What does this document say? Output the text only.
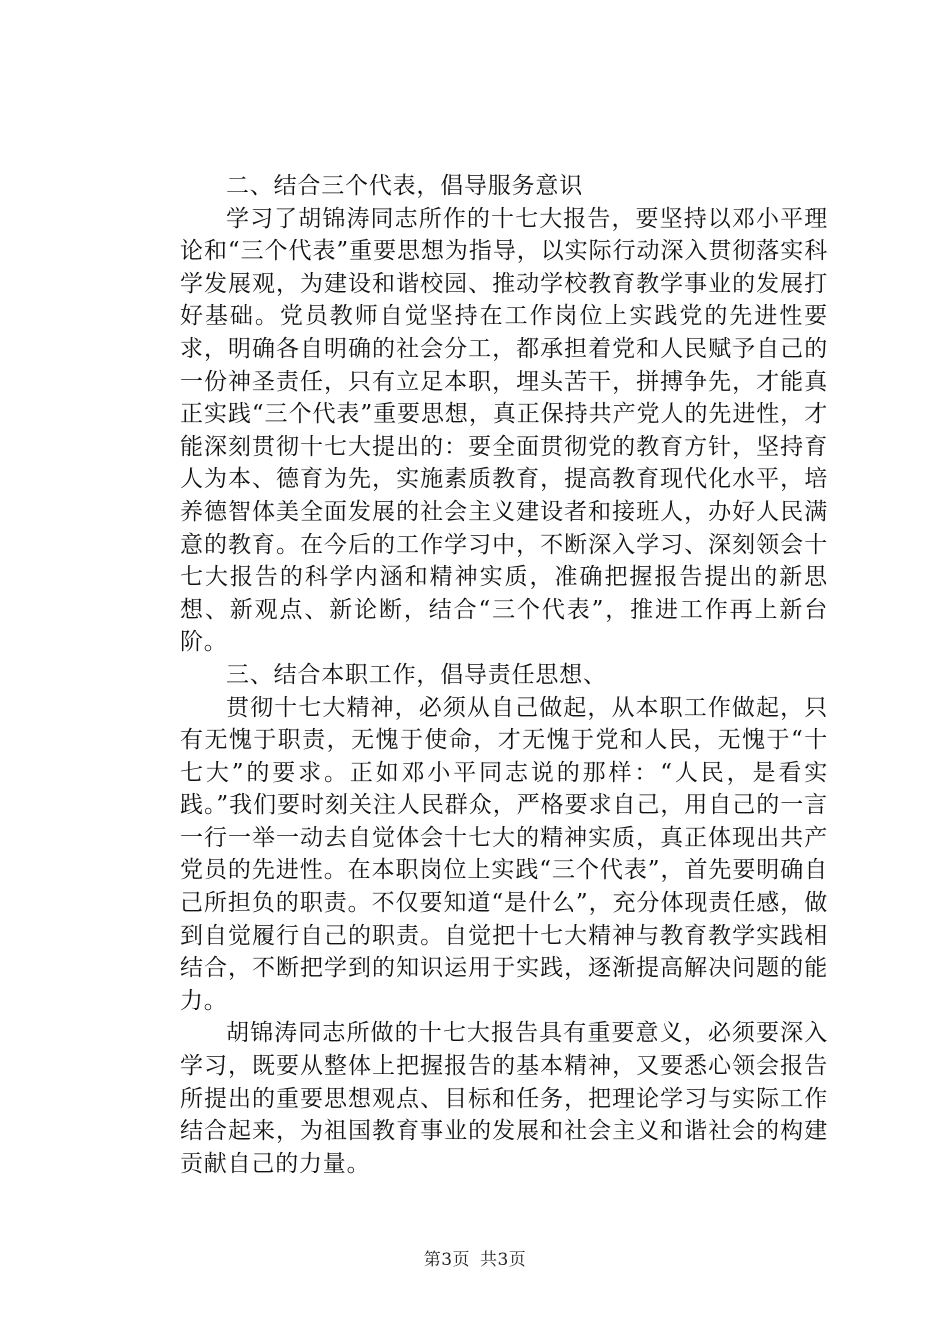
二、结合三个代表，倡导服务意识

学习了胡锦涛同志所作的十七大报告，要坚持以邓小平理论和“三个代表”重要思想为指导，以实际行动深入贯彻落实科学发展观，为建设和谐校园、推动学校教育教学事业的发展打好基础。党员教师自觉坚持在工作岗位上实践党的先进性要求，明确各自明确的社会分工，都承担着党和人民赋予自己的一份神圣责任，只有立足本职，埋头苦干，拼搏争先，才能真正实践“三个代表”重要思想，真正保持共产党人的先进性，才能深刻贯彻十七大提出的：要全面贯彻党的教育方针，坚持育人为本、德育为先，实施素质教育，提高教育现代化水平，培养德智体美全面发展的社会主义建设者和接班人，办好人民满意的教育。在今后的工作学习中，不断深入学习、深刻领会十七大报告的科学内涵和精神实质，准确把握报告提出的新思想、新观点、新论断，结合“三个代表”，推进工作再上新台阶。

三、结合本职工作，倡导责任思想、

贯彻十七大精神，必须从自己做起，从本职工作做起，只有无愧于职责，无愧于使命，才无愧于党和人民，无愧于“十七大”的要求。正如邓小平同志说的那样：“人民，是看实践。”我们要时刻关注人民群众，严格要求自己，用自己的一言一行一举一动去自觉体会十七大的精神实质，真正体现出共产党员的先进性。在本职岗位上实践“三个代表”，首先要明确自己所担负的职责。不仅要知道“是什么”，充分体现责任感，做到自觉履行自己的职责。自觉把十七大精神与教育教学实践相结合，不断把学到的知识运用于实践，逐渐提高解决问题的能力。

胡锦涛同志所做的十七大报告具有重要意义，必须要深入学习，既要从整体上把握报告的基本精神，又要悉心领会报告所提出的重要思想观点、目标和任务，把理论学习与实际工作结合起来，为祖国教育事业的发展和社会主义和谐社会的构建贡献自己的力量。

第3页 共3页
